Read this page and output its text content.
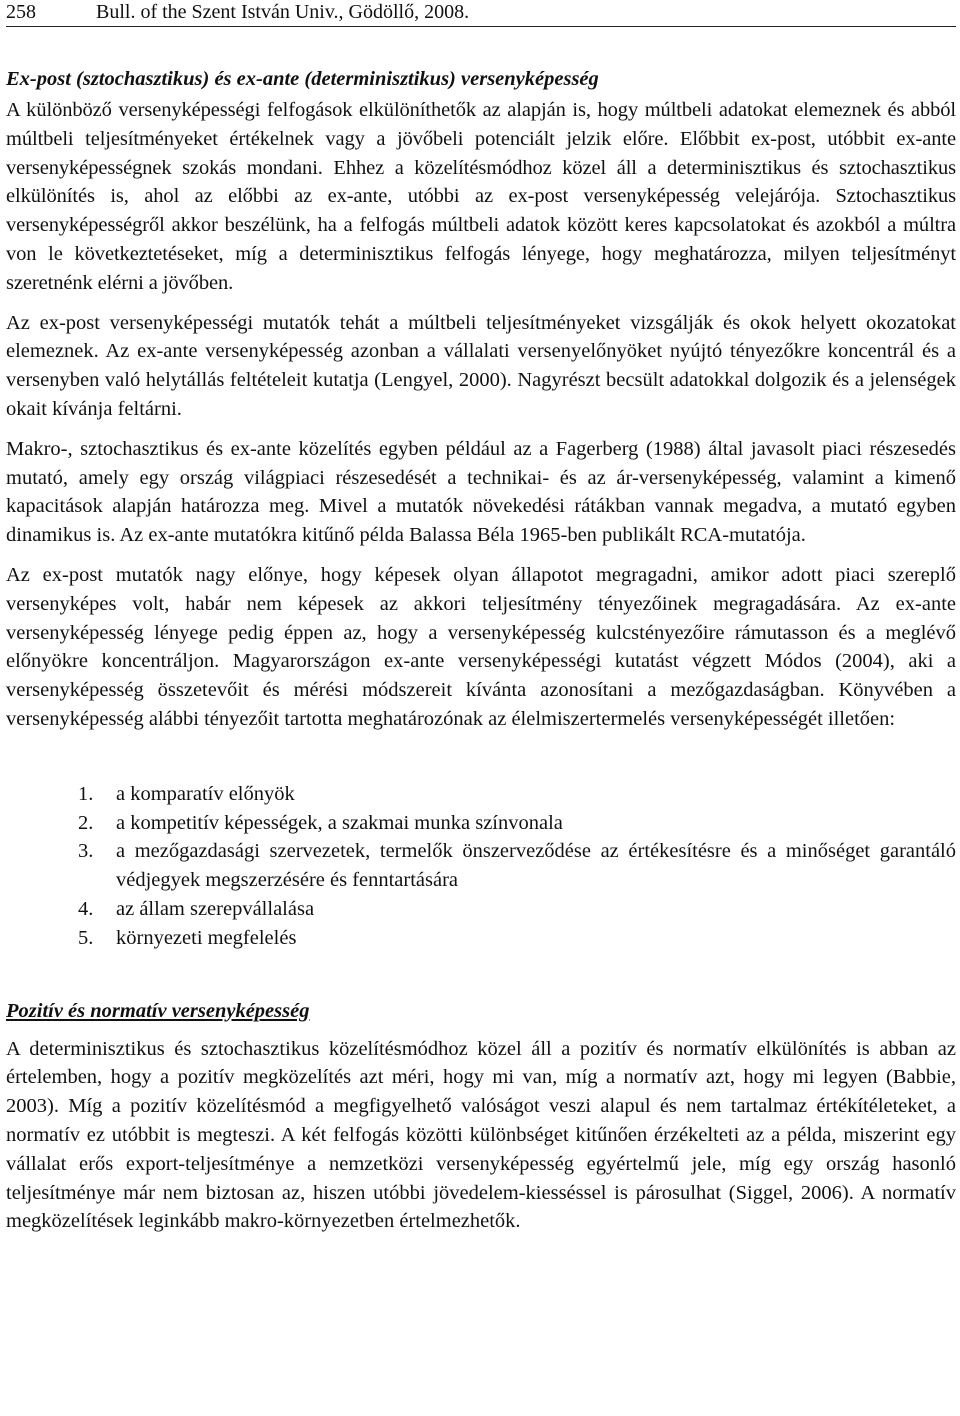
258	Bull. of the Szent István Univ., Gödöllő, 2008.
Ex-post (sztochasztikus) és ex-ante (determinisztikus) versenyképesség

A különböző versenyképességi felfogások elkülöníthetők az alapján is, hogy múltbeli adatokat elemeznek és abból múltbeli teljesítményeket értékelnek vagy a jövőbeli potenciált jelzik előre. Előbbit ex-post, utóbbit ex-ante versenyképességnek szokás mondani. Ehhez a közelítésmódhoz közel áll a determinisztikus és sztochasztikus elkülönítés is, ahol az előbbi az ex-ante, utóbbi az ex-post versenyképesség velejárója. Sztochasztikus versenyképességről akkor beszélünk, ha a felfogás múltbeli adatok között keres kapcsolatokat és azokból a múltra von le következtetéseket, míg a determinisztikus felfogás lényege, hogy meghatározza, milyen teljesítményt szeretnénk elérni a jövőben.

Az ex-post versenyképességi mutatók tehát a múltbeli teljesítményeket vizsgálják és okok helyett okozatokat elemeznek. Az ex-ante versenyképesség azonban a vállalati versenyelőnyöket nyújtó tényezőkre koncentrál és a versenyben való helytállás feltételeit kutatja (Lengyel, 2000). Nagyrészt becsült adatokkal dolgozik és a jelenségek okait kívánja feltárni.

Makro-, sztochasztikus és ex-ante közelítés egyben például az a Fagerberg (1988) által javasolt piaci részesedés mutató, amely egy ország világpiaci részesedését a technikai- és az ár-versenyképesség, valamint a kimenő kapacitások alapján határozza meg. Mivel a mutatók növekedési rátákban vannak megadva, a mutató egyben dinamikus is. Az ex-ante mutatókra kitűnő példa Balassa Béla 1965-ben publikált RCA-mutatója.

Az ex-post mutatók nagy előnye, hogy képesek olyan állapotot megragadni, amikor adott piaci szereplő versenyképes volt, habár nem képesek az akkori teljesítmény tényezőinek megragadására. Az ex-ante versenyképesség lényege pedig éppen az, hogy a versenyképesség kulcstényezőire rámutasson és a meglévő előnyökre koncentráljon. Magyarországon ex-ante versenyképességi kutatást végzett Módos (2004), aki a versenyképesség összetevőit és mérési módszereit kívánta azonosítani a mezőgazdaságban. Könyvében a versenyképesség alábbi tényezőit tartotta meghatározónak az élelmiszertermelés versenyképességét illetően:

1. a komparatív előnyök
2. a kompetitív képességek, a szakmai munka színvonala
3. a mezőgazdasági szervezetek, termelők önszerveződése az értékesítésre és a minőséget garantáló védjegyek megszerzésére és fenntartására
4. az állam szerepvállalása
5. környezeti megfelelés
Pozitív és normatív versenyképesség

A determinisztikus és sztochasztikus közelítésmódhoz közel áll a pozitív és normatív elkülönítés is abban az értelemben, hogy a pozitív megközelítés azt méri, hogy mi van, míg a normatív azt, hogy mi legyen (Babbie, 2003). Míg a pozitív közelítésmód a megfigyelhető valóságot veszi alapul és nem tartalmaz értékítéleteket, a normatív ez utóbbit is megteszi. A két felfogás közötti különbséget kitűnően érzékelteti az a példa, miszerint egy vállalat erős export-teljesítménye a nemzetközi versenyképesség egyértelmű jele, míg egy ország hasonló teljesítménye már nem biztosan az, hiszen utóbbi jövedelem-kiesséssel is párosulhat (Siggel, 2006). A normatív megközelítések leginkább makro-környezetben értelmezhetők.
